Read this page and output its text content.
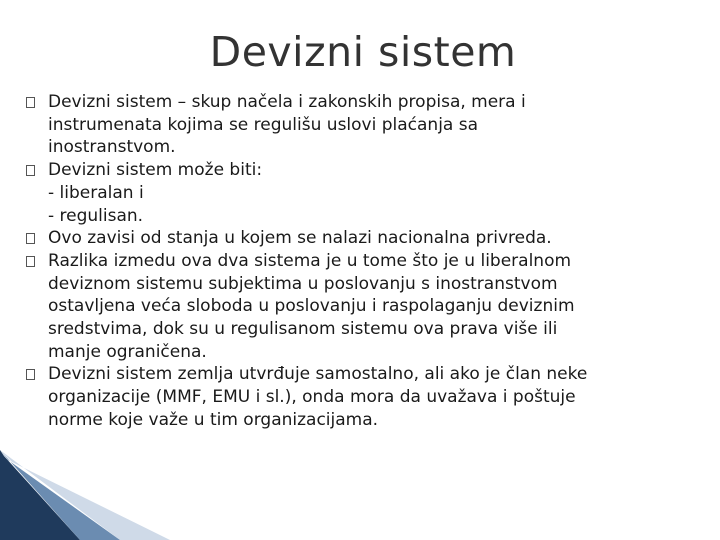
Devizni sistem
Devizni sistem – skup načela i zakonskih propisa, mera i
instrumenata kojima se regulišu uslovi plaćanja sa
inostranstvom.
Devizni sistem može biti:
- liberalan i
- regulisan.
Ovo zavisi od stanja u kojem se nalazi nacionalna privreda.
Razlika izmedu ova dva sistema je u tome što je u liberalnom
deviznom sistemu subjektima u poslovanju s inostranstvom
ostavljena veća sloboda u poslovanju i raspolaganju deviznim
sredstvima, dok su u regulisanom sistemu ova prava više ili
manje ograničena.
Devizni sistem zemlja utvrđuje samostalno, ali ako je član neke
organizacije (MMF, EMU i sl.), onda mora da uvažava i poštuje
norme koje važe u tim organizacijama.
